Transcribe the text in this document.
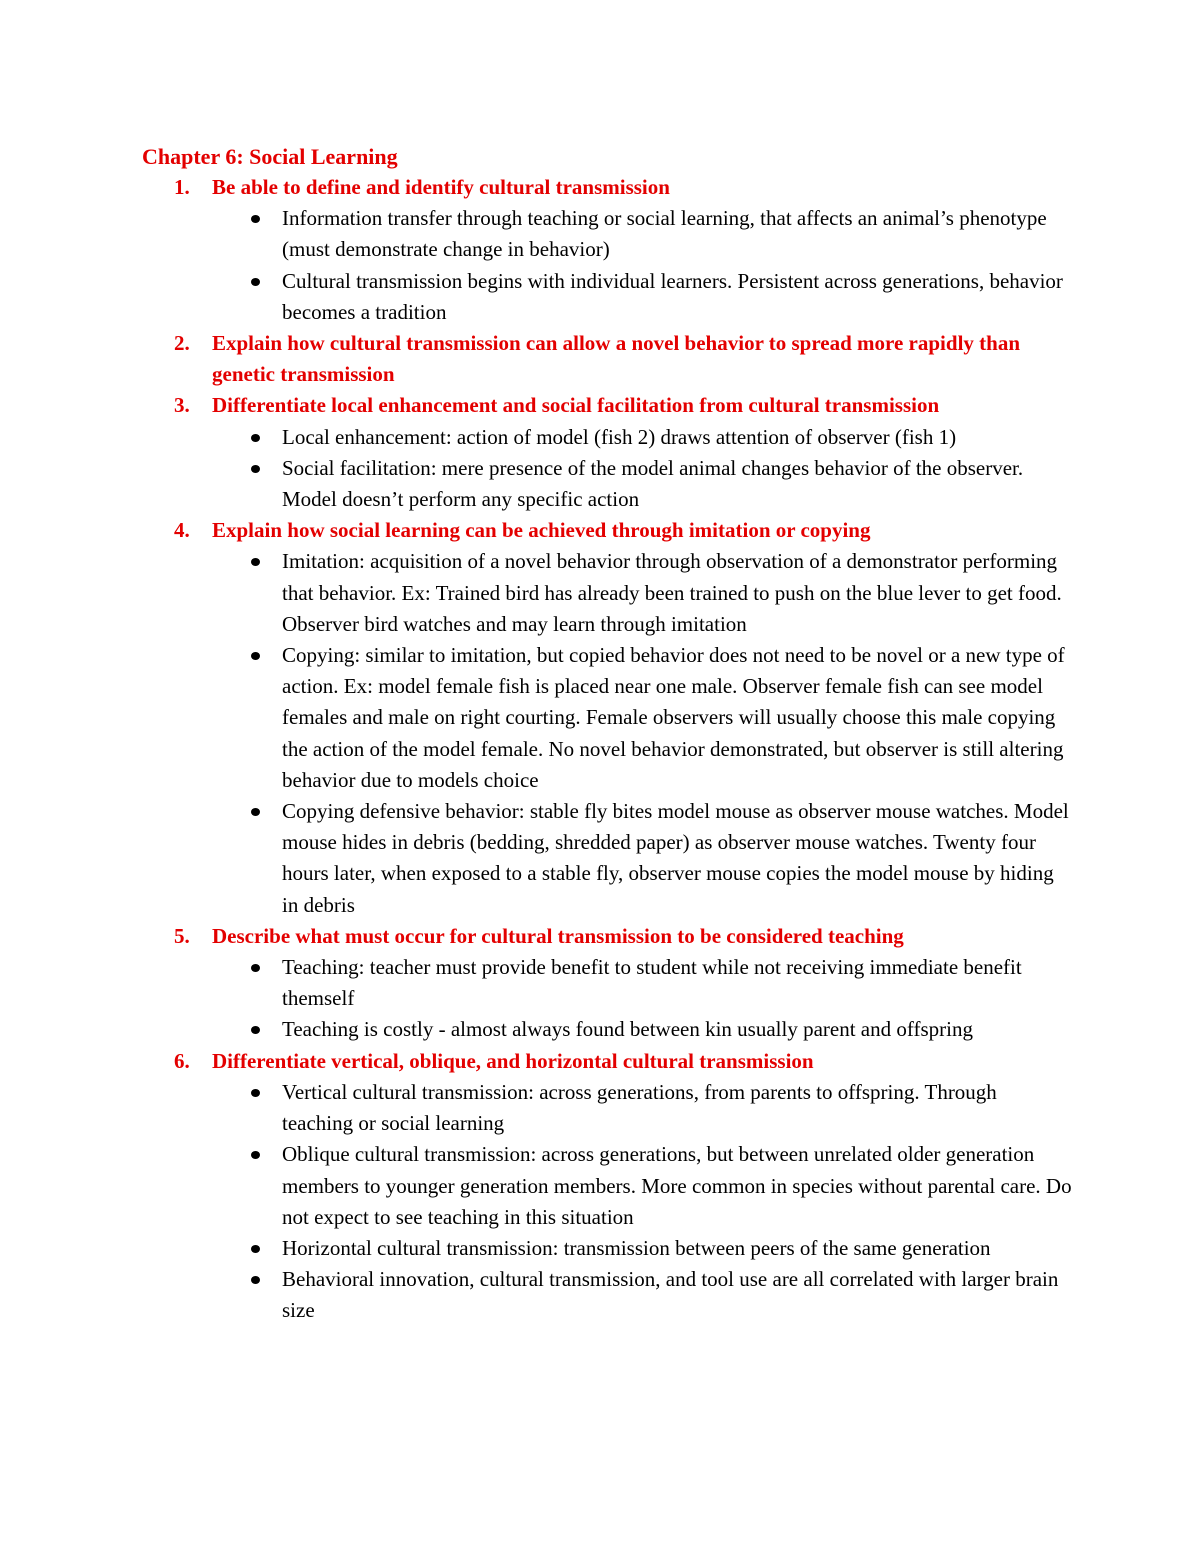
Chapter 6: Social Learning
1. Be able to define and identify cultural transmission

Information transfer through teaching or social learning, that affects an animal’s phenotype (must demonstrate change in behavior)
Cultural transmission begins with individual learners. Persistent across generations, behavior becomes a tradition
2. Explain how cultural transmission can allow a novel behavior to spread more rapidly than genetic transmission

3. Differentiate local enhancement and social facilitation from cultural transmission

Local enhancement: action of model (fish 2) draws attention of observer (fish 1)
Social facilitation: mere presence of the model animal changes behavior of the observer. Model doesn’t perform any specific action
4. Explain how social learning can be achieved through imitation or copying

Imitation: acquisition of a novel behavior through observation of a demonstrator performing that behavior. Ex: Trained bird has already been trained to push on the blue lever to get food. Observer bird watches and may learn through imitation
Copying: similar to imitation, but copied behavior does not need to be novel or a new type of action. Ex: model female fish is placed near one male. Observer female fish can see model females and male on right courting. Female observers will usually choose this male copying the action of the model female. No novel behavior demonstrated, but observer is still altering behavior due to models choice
Copying defensive behavior: stable fly bites model mouse as observer mouse watches. Model mouse hides in debris (bedding, shredded paper) as observer mouse watches. Twenty four hours later, when exposed to a stable fly, observer mouse copies the model mouse by hiding in debris
5. Describe what must occur for cultural transmission to be considered teaching

Teaching: teacher must provide benefit to student while not receiving immediate benefit themself
Teaching is costly - almost always found between kin usually parent and offspring
6. Differentiate vertical, oblique, and horizontal cultural transmission

Vertical cultural transmission: across generations, from parents to offspring. Through teaching or social learning
Oblique cultural transmission: across generations, but between unrelated older generation members to younger generation members. More common in species without parental care. Do not expect to see teaching in this situation
Horizontal cultural transmission: transmission between peers of the same generation
Behavioral innovation, cultural transmission, and tool use are all correlated with larger brain size
